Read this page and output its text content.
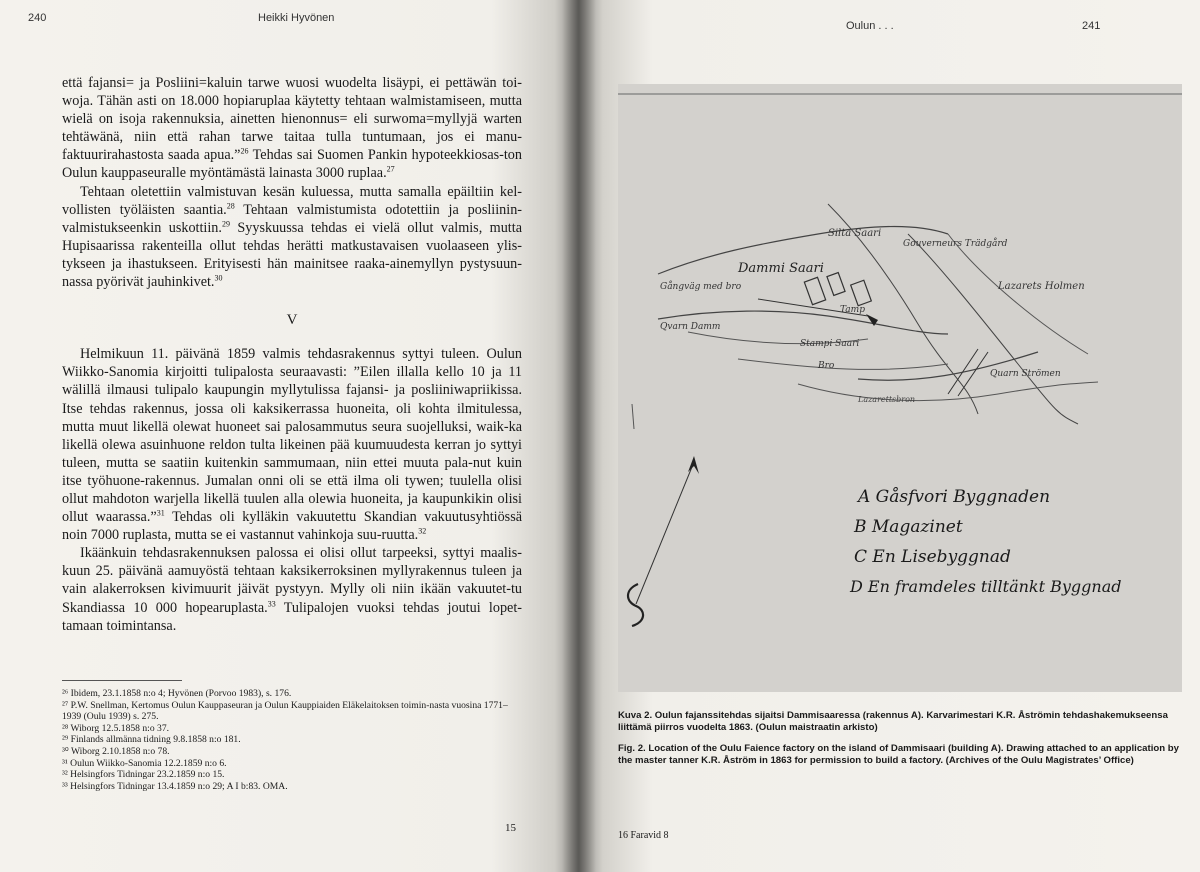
240	Heikki Hyvönen

että fajansi= ja Posliini=kaluin tarwe wuosi wuodelta lisäypi, ei pettäwän toi-woja. Tähän asti on 18.000 hopiaruplaa käytetty tehtaan walmistamiseen, mutta wielä on isoja rakennuksia, ainetten hienonnus= eli surwoma=myllyjä warten tehtäwänä, niin että rahan tarwe taitaa tulla tuntumaan, jos ei manu-faktuurirahastosta saada apua.”$^{26}$ Tehdas sai Suomen Pankin hypoteekkiosas-ton Oulun kauppaseuralle myöntämästä lainasta 3000 ruplaa.$^{27}$

Tehtaan oletettiin valmistuvan kesän kuluessa, mutta samalla epäiltiin kel-vollisten työläisten saantia.$^{28}$ Tehtaan valmistumista odotettiin ja posliinin-valmistukseenkin uskottiin.$^{29}$ Syyskuussa tehdas ei vielä ollut valmis, mutta Hupisaarissa rakenteilla ollut tehdas herätti matkustavaisen vuolaaseen ylis-tykseen ja ihastukseen. Erityisesti hän mainitsee raaka-ainemyllyn pystysuun-nassa pyörivät jauhinkivet.$^{30}$

V

Helmikuun 11. päivänä 1859 valmis tehdasrakennus syttyi tuleen. Oulun Wiikko-Sanomia kirjoitti tulipalosta seuraavasti: ”Eilen illalla kello 10 ja 11 wälillä ilmausi tulipalo kaupungin myllytulissa fajansi- ja posliiniwapriikissa. Itse tehdas rakennus, jossa oli kaksikerrassa huoneita, oli kohta ilmitulessa, mutta muut likellä olewat huoneet sai palosammutus seura suojelluksi, waik-ka likellä olewa asuinhuone reldon tulta likeinen pää kuumuudesta kerran jo syttyi tuleen, mutta se saatiin kuitenkin sammumaan, niin ettei muuta pala-nut kuin itse työhuone-rakennus. Jumalan onni oli se että ilma oli tywen; tuulella olisi ollut mahdoton warjella likellä tuulen alla olewia huoneita, ja kaupunkikin olisi ollut waarassa.”$^{31}$ Tehdas oli kylläkin vakuutettu Skandian vakuutusyhtiössä noin 7000 ruplasta, mutta se ei vastannut vahinkoja suu-ruutta.$^{32}$

Ikäänkuin tehdasrakennuksen palossa ei olisi ollut tarpeeksi, syttyi maalis-kuun 25. päivänä aamuyöstä tehtaan kaksikerroksinen myllyrakennus tuleen ja vain alakerroksen kivimuurit jäivät pystyyn. Mylly oli niin ikään vakuutet-tu Skandiassa 10 000 hopearuplasta.$^{33}$ Tulipalojen vuoksi tehdas joutui lopet-tamaan toimintansa.

²⁶ Ibidem, 23.1.1858 n:o 4; Hyvönen (Porvoo 1983), s. 176.
²⁷ P.W. Snellman, Kertomus Oulun Kauppaseuran ja Oulun Kauppiaiden Eläkelaitoksen toimin-nasta vuosina 1771–1939 (Oulu 1939) s. 275.
²⁸ Wiborg 12.5.1858 n:o 37.
²⁹ Finlands allmänna tidning 9.8.1858 n:o 181.
³⁰ Wiborg 2.10.1858 n:o 78.
³¹ Oulun Wiikko-Sanomia 12.2.1859 n:o 6.
³² Helsingfors Tidningar 23.2.1859 n:o 15.
³³ Helsingfors Tidningar 13.4.1859 n:o 29; A I b:83. OMA.
15
Oulun . . .	241
Dammi Saari
Silta Saari
Gouverneurs Trädgård
Lazarets Holmen
Gångväg med bro
Qvarn Damm
Stampi Saari
Bro
Tamp
Quarn Strömen
Lazarettsbron
A Gåsfvori Byggnaden
B Magazinet
C En Lisebyggnad
D En framdeles tilltänkt Byggnad

Kuva 2. Oulun fajanssitehdas sijaitsi Dammisaaressa (rakennus A). Karvarimestari K.R. Åströmin tehdashakemukseensa liittämä piirros vuodelta 1863. (Oulun maistraatin arkisto)

Fig. 2. Location of the Oulu Faience factory on the island of Dammisaari (building A). Drawing attached to an application by the master tanner K.R. Åström in 1863 for permission to build a factory. (Archives of the Oulu Magistrates’ Office)

16 Faravid 8
